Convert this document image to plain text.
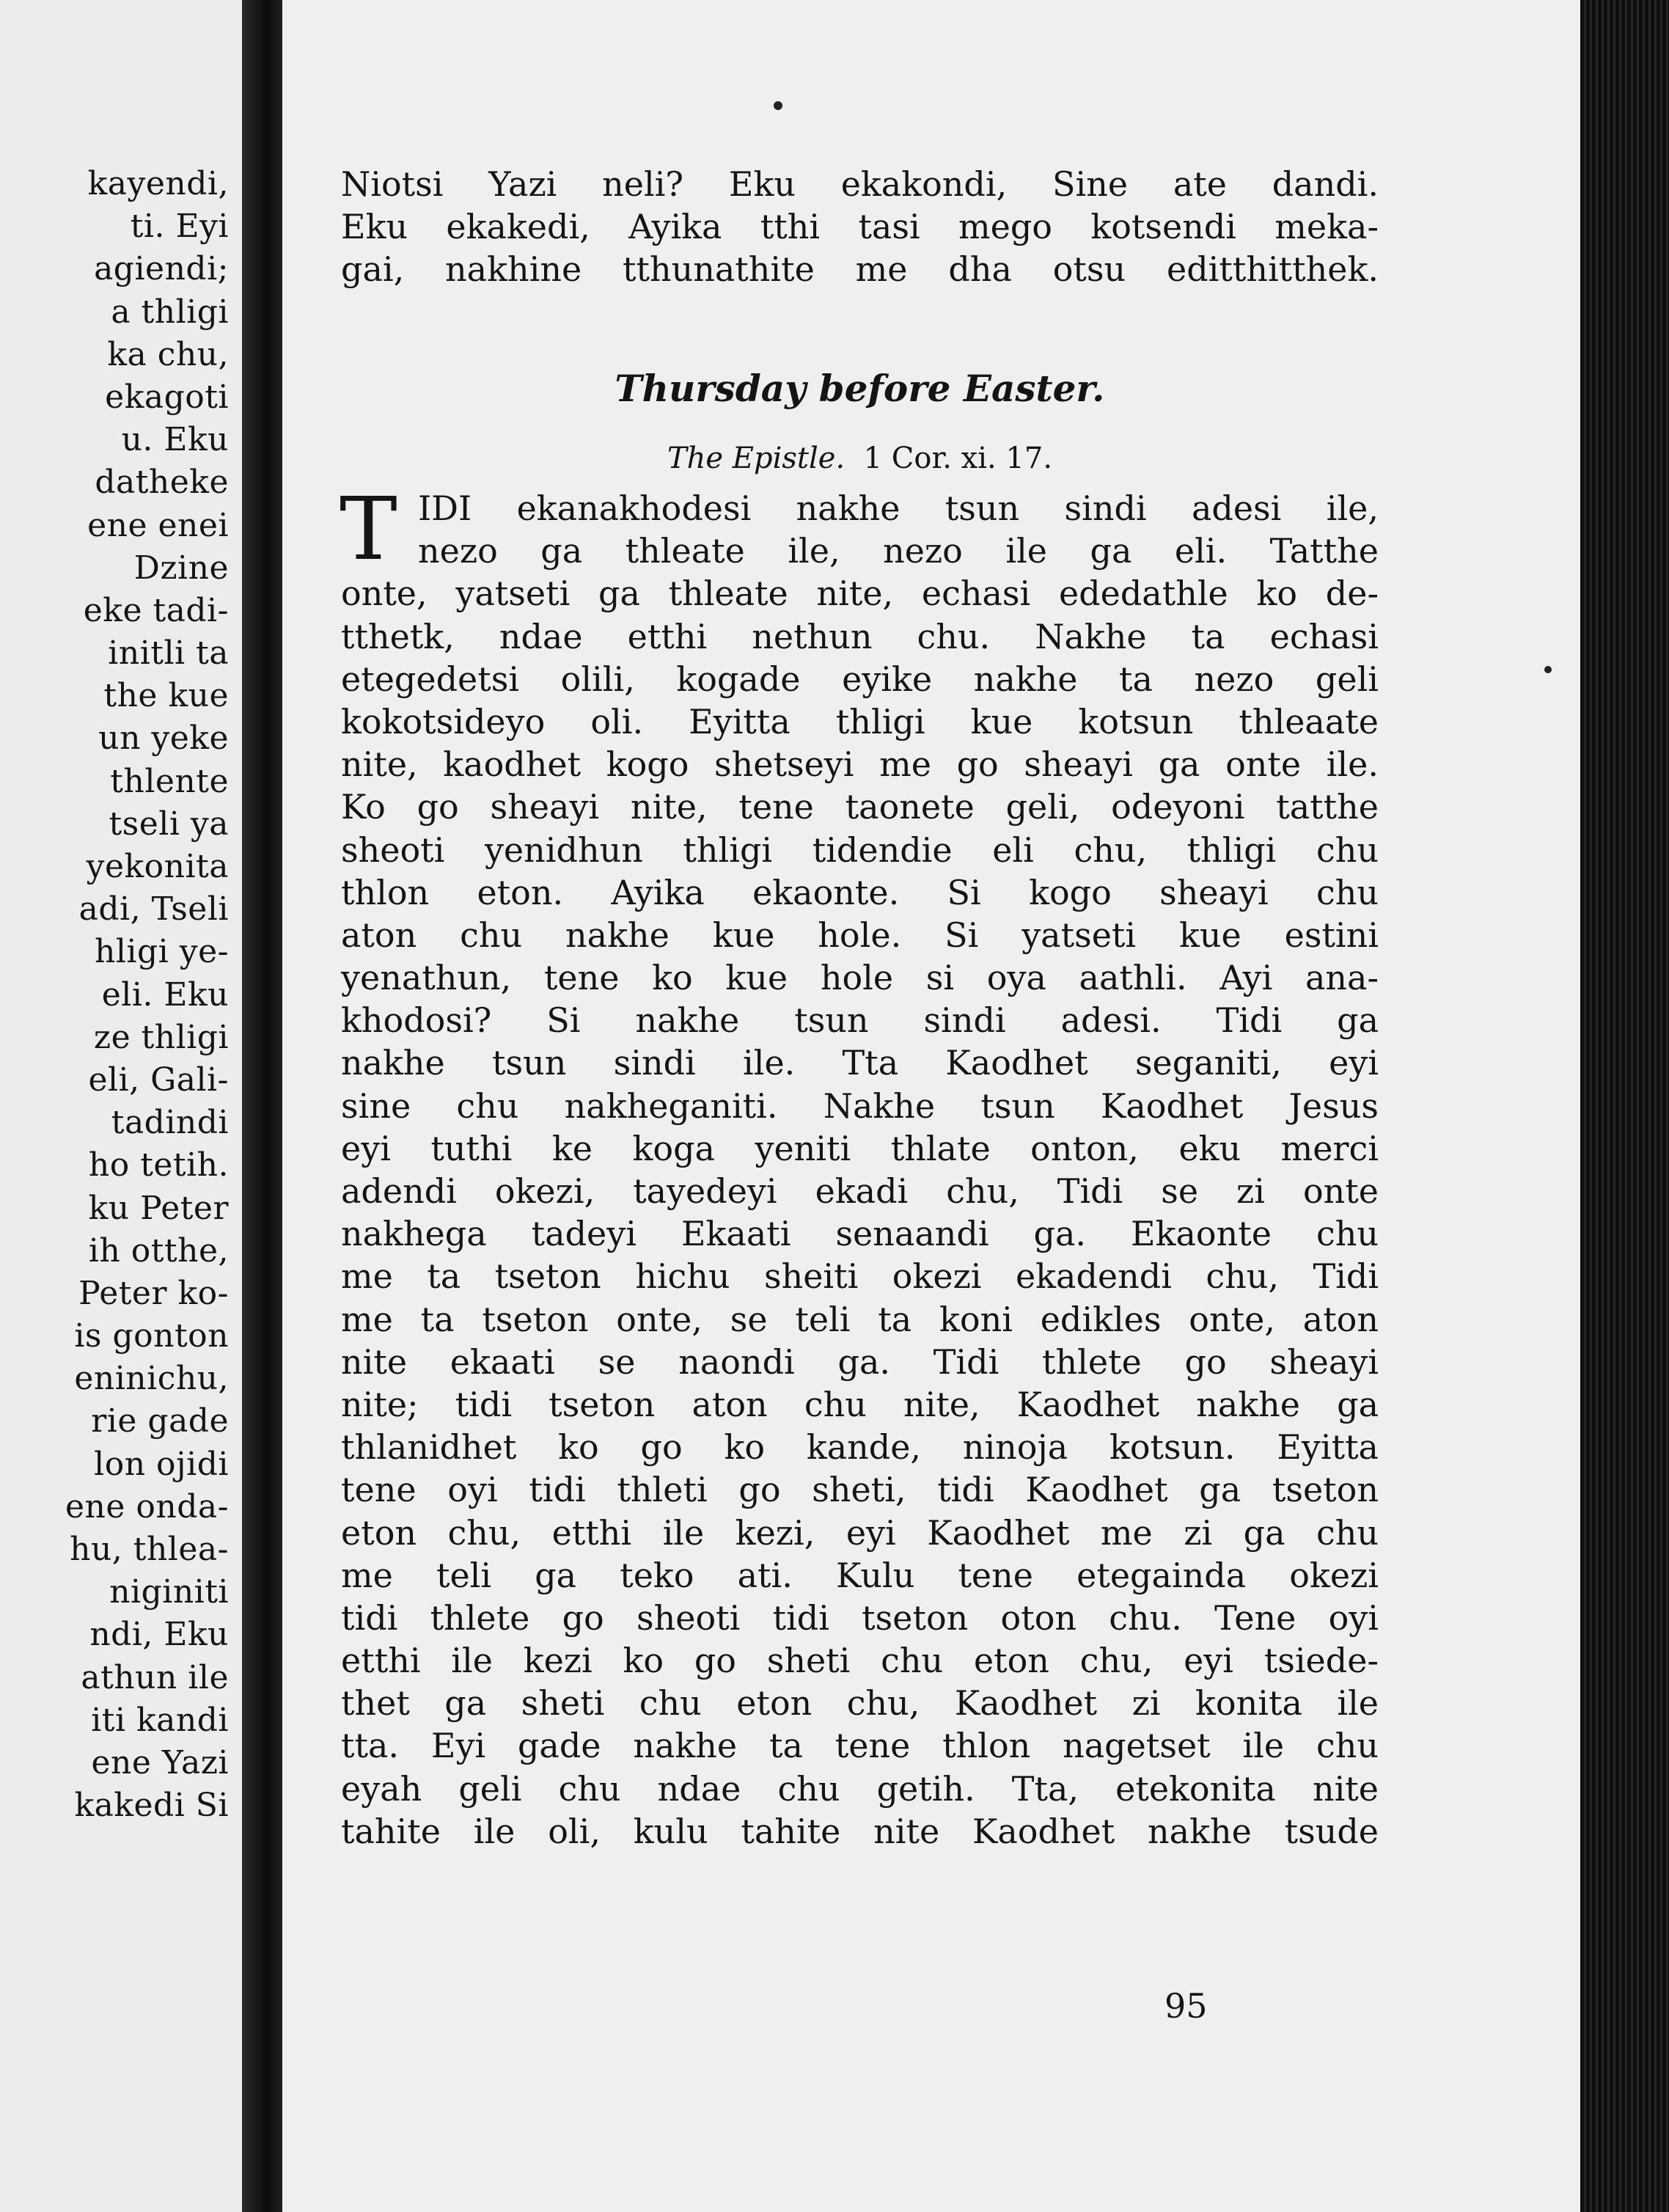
kayendi,
ti. Eyi
agiendi;
a thligi
ka chu,
ekagoti
u. Eku
datheke
ene enei
Dzine
eke tadi-
initli ta
the kue
un yeke
thlente
tseli ya
yekonita
adi, Tseli
hligi ye-
eli. Eku
ze thligi
eli, Gali-
tadindi
ho tetih.
ku Peter
ih otthe,
Peter ko-
is gonton
eninichu,
rie gade
lon ojidi
ene onda-
hu, thlea-
niginiti
ndi, Eku
athun ile
iti kandi
ene Yazi
kakedi Si
Niotsi Yazi neli? Eku ekakondi, Sine ate dandi.
Eku ekakedi, Ayika tthi tasi mego kotsendi meka-
gai, nakhine tthunathite me dha otsu editthitthek.
Thursday before Easter.
The Epistle. 1 Cor. xi. 17.
T IDI ekanakhodesi nakhe tsun sindi adesi ile,
nezo ga thleate ile, nezo ile ga eli. Tatthe
onte, yatseti ga thleate nite, echasi ededathle ko de-
tthetk, ndae etthi nethun chu. Nakhe ta echasi
etegedetsi olili, kogade eyike nakhe ta nezo geli
kokotsideyo oli. Eyitta thligi kue kotsun thleaate
nite, kaodhet kogo shetseyi me go sheayi ga onte ile.
Ko go sheayi nite, tene taonete geli, odeyoni tatthe
sheoti yenidhun thligi tidendie eli chu, thligi chu
thlon eton. Ayika ekaonte. Si kogo sheayi chu
aton chu nakhe kue hole. Si yatseti kue estini
yenathun, tene ko kue hole si oya aathli. Ayi ana-
khodosi? Si nakhe tsun sindi adesi. Tidi ga
nakhe tsun sindi ile. Tta Kaodhet seganiti, eyi
sine chu nakheganiti. Nakhe tsun Kaodhet Jesus
eyi tuthi ke koga yeniti thlate onton, eku merci
adendi okezi, tayedeyi ekadi chu, Tidi se zi onte
nakhega tadeyi Ekaati senaandi ga. Ekaonte chu
me ta tseton hichu sheiti okezi ekadendi chu, Tidi
me ta tseton onte, se teli ta koni edikles onte, aton
nite ekaati se naondi ga. Tidi thlete go sheayi
nite; tidi tseton aton chu nite, Kaodhet nakhe ga
thlanidhet ko go ko kande, ninoja kotsun. Eyitta
tene oyi tidi thleti go sheti, tidi Kaodhet ga tseton
eton chu, etthi ile kezi, eyi Kaodhet me zi ga chu
me teli ga teko ati. Kulu tene etegainda okezi
tidi thlete go sheoti tidi tseton oton chu. Tene oyi
etthi ile kezi ko go sheti chu eton chu, eyi tsiede-
thet ga sheti chu eton chu, Kaodhet zi konita ile
tta. Eyi gade nakhe ta tene thlon nagetset ile chu
eyah geli chu ndae chu getih. Tta, etekonita nite
tahite ile oli, kulu tahite nite Kaodhet nakhe tsude
95
